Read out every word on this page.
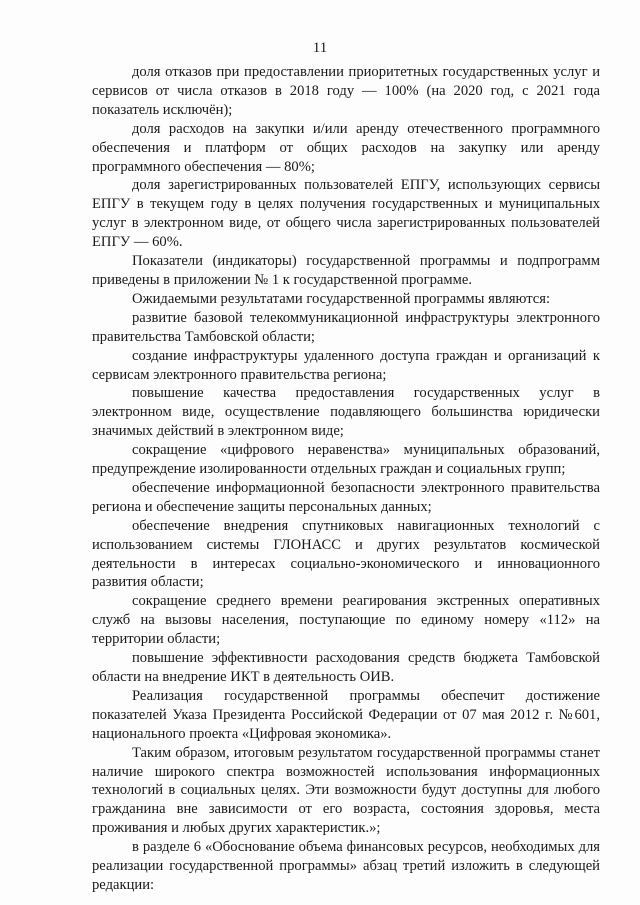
11

доля отказов при предоставлении приоритетных государственных услуг и сервисов от числа отказов в 2018 году — 100% (на 2020 год, с 2021 года показатель исключён);

доля расходов на закупки и/или аренду отечественного программного обеспечения и платформ от общих расходов на закупку или аренду программного обеспечения — 80%;

доля зарегистрированных пользователей ЕПГУ, использующих сервисы ЕПГУ в текущем году в целях получения государственных и муниципальных услуг в электронном виде, от общего числа зарегистрированных пользователей ЕПГУ — 60%.

Показатели (индикаторы) государственной программы и подпрограмм приведены в приложении № 1 к государственной программе.

Ожидаемыми результатами государственной программы являются:

развитие базовой телекоммуникационной инфраструктуры электронного правительства Тамбовской области;

создание инфраструктуры удаленного доступа граждан и организаций к сервисам электронного правительства региона;

повышение качества предоставления государственных услуг в электронном виде, осуществление подавляющего большинства юридически значимых действий в электронном виде;

сокращение «цифрового неравенства» муниципальных образований, предупреждение изолированности отдельных граждан и социальных групп;

обеспечение информационной безопасности электронного правительства региона и обеспечение защиты персональных данных;

обеспечение внедрения спутниковых навигационных технологий с использованием системы ГЛОНАСС и других результатов космической деятельности в интересах социально-экономического и инновационного развития области;

сокращение среднего времени реагирования экстренных оперативных служб на вызовы населения, поступающие по единому номеру «112» на территории области;

повышение эффективности расходования средств бюджета Тамбовской области на внедрение ИКТ в деятельность ОИВ.

Реализация государственной программы обеспечит достижение показателей Указа Президента Российской Федерации от 07 мая 2012 г. №601, национального проекта «Цифровая экономика».

Таким образом, итоговым результатом государственной программы станет наличие широкого спектра возможностей использования информационных технологий в социальных целях. Эти возможности будут доступны для любого гражданина вне зависимости от его возраста, состояния здоровья, места проживания и любых других характеристик.»;

в разделе 6 «Обоснование объема финансовых ресурсов, необходимых для реализации государственной программы» абзац третий изложить в следующей редакции:
